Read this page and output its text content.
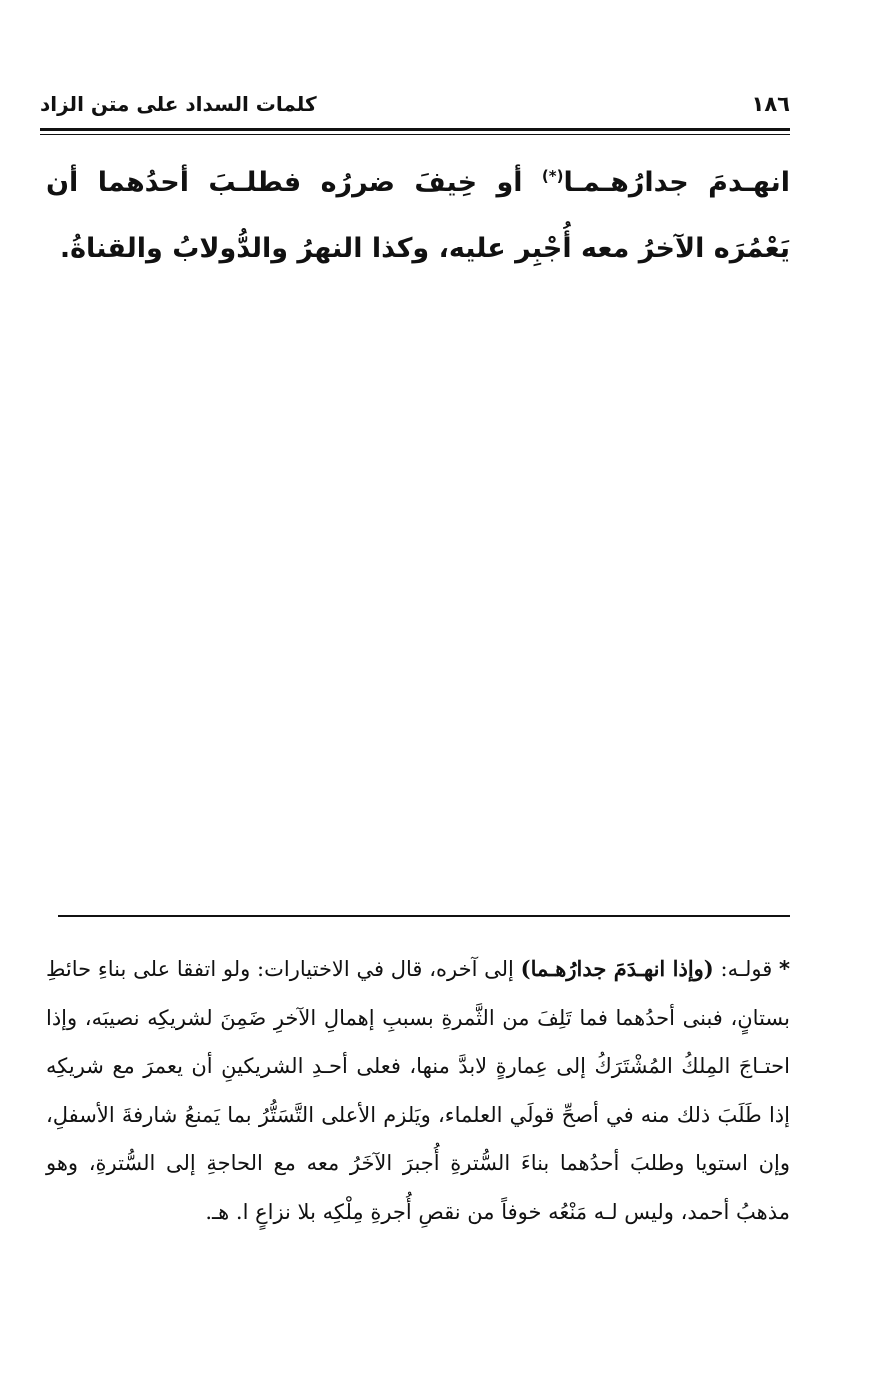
١٨٦
كلمات السداد على متن الزاد

انهـدمَ جدارُهـمـا(*) أو خِيفَ ضررُه فطلـبَ أحدُهما أن يَعْمُرَه الآخرُ معه أُجْبِر عليه، وكذا النهرُ والدُّولابُ والقناةُ.

* قولـه: (وإذا انهـدَمَ جدارُهـما) إلى آخره، قال في الاختيارات: ولو اتفقا على بناءِ حائطِ بستانٍ، فبنى أحدُهما فما تَلِفَ من الثَّمرةِ بسببِ إهمالِ الآخرِ ضَمِنَ لشريكِه نصيبَه، وإذا احتـاجَ المِلكُ المُشْتَرَكُ إلى عِمارةٍ لابدَّ منها، فعلى أحـدِ الشريكينِ أن يعمرَ مع شريكِه إذا طَلَبَ ذلك منه في أصحِّ قولَي العلماء، ويَلزم الأعلى التَّسَتُّرُ بما يَمنعُ شارفةَ الأسفلِ، وإن استويا وطلبَ أحدُهما بناءَ السُّترةِ أُجبرَ الآخَرُ معه مع الحاجةِ إلى السُّترةِ، وهو مذهبُ أحمد، وليس لـه مَنْعُه خوفاً من نقصِ أُجرةِ مِلْكِه بلا نزاعٍ ا. هـ.
